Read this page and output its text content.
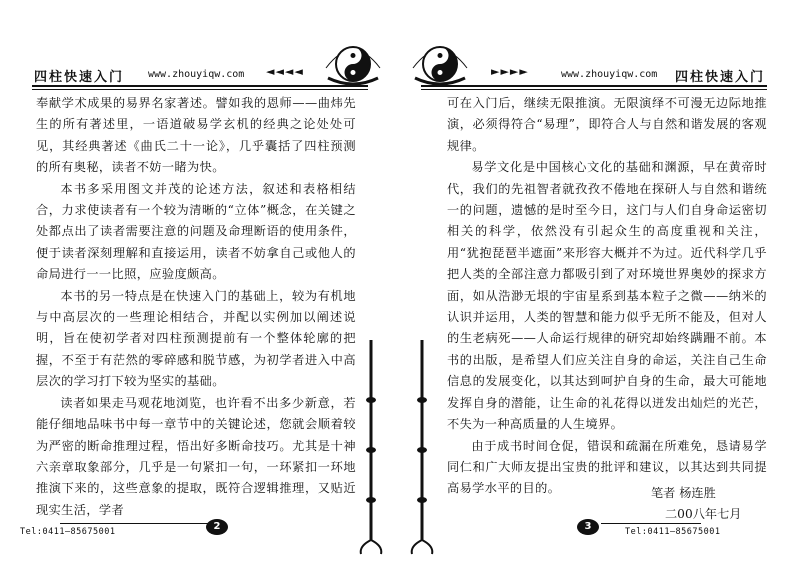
四柱快速入门 www.zhouyiqw.com ◄◄◄◄

奉献学术成果的易界名家著述。譬如我的恩师——曲炜先生的所有著述里，一语道破易学玄机的经典之论处处可见，其经典著述《曲氏二十一论》，几乎囊括了四柱预测的所有奥秘，读者不妨一睹为快。

本书多采用图文并茂的论述方法，叙述和表格相结合，力求使读者有一个较为清晰的“立体”概念，在关键之处都点出了读者需要注意的问题及命理断语的使用条件，便于读者深刻理解和直接运用，读者不妨拿自己或他人的命局进行一一比照，应验度颇高。

本书的另一特点是在快速入门的基础上，较为有机地与中高层次的一些理论相结合，并配以实例加以阐述说明，旨在使初学者对四柱预测提前有一个整体轮廓的把握，不至于有茫然的零碎感和脱节感，为初学者进入中高层次的学习打下较为坚实的基础。

读者如果走马观花地浏览，也许看不出多少新意，若能仔细地品味书中每一章节中的关键论述，您就会顺着较为严密的断命推理过程，悟出好多断命技巧。尤其是十神六亲章取象部分，几乎是一句紧扣一句，一环紧扣一环地推演下来的，这些意象的提取，既符合逻辑推理，又贴近现实生活，学者

Tel:0411—85675001	2
►►►►	www.zhouyiqw.com 四柱快速入门

可在入门后，继续无限推演。无限演绎不可漫无边际地推演，必须得符合“易理”，即符合人与自然和谐发展的客观规律。

易学文化是中国核心文化的基础和渊源，早在黄帝时代，我们的先祖智者就孜孜不倦地在探研人与自然和谐统一的问题，遗憾的是时至今日，这门与人们自身命运密切相关的科学，依然没有引起众生的高度重视和关注，用“犹抱琵琶半遮面”来形容大概并不为过。近代科学几乎把人类的全部注意力都吸引到了对环境世界奥妙的探求方面，如从浩渺无垠的宇宙星系到基本粒子之微——纳米的认识并运用，人类的智慧和能力似乎无所不能及，但对人的生老病死——人命运行规律的研究却始终蹒跚不前。本书的出版，是希望人们应关注自身的命运，关注自己生命信息的发展变化，以其达到呵护自身的生命，最大可能地发挥自身的潜能，让生命的礼花得以迸发出灿烂的光芒，不失为一种高质量的人生境界。

由于成书时间仓促，错误和疏漏在所难免，恳请易学同仁和广大师友提出宝贵的批评和建议，以其达到共同提高易学水平的目的。	笔者 杨连胜
二00八年七月
3	Tel:0411—85675001
